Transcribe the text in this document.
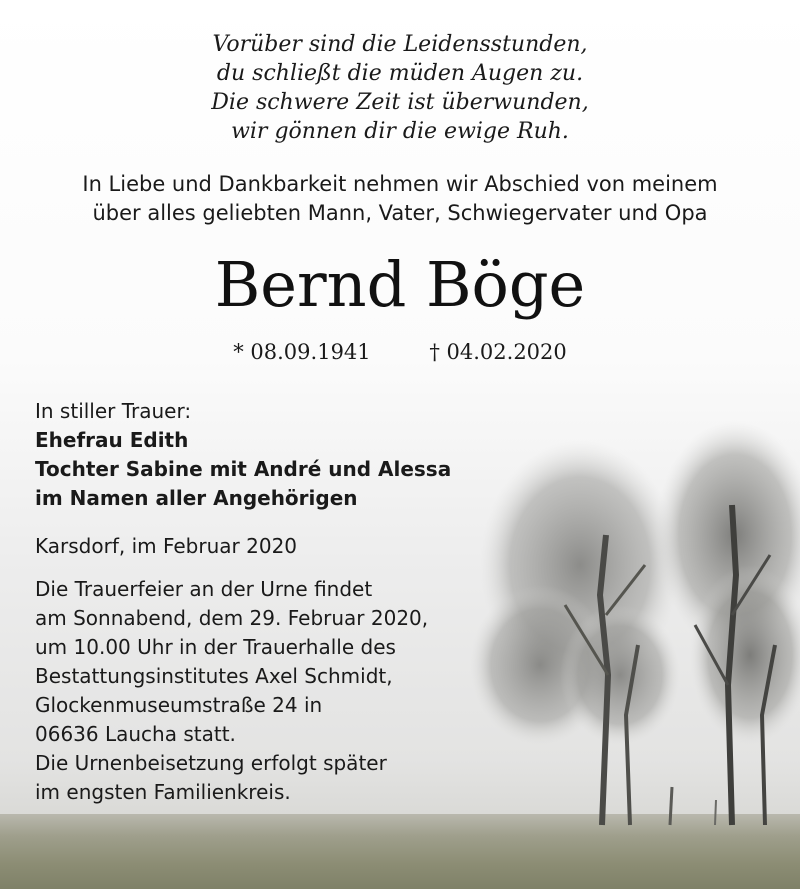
Vorüber sind die Leidensstunden,
du schließt die müden Augen zu.
Die schwere Zeit ist überwunden,
wir gönnen dir die ewige Ruh.
In Liebe und Dankbarkeit nehmen wir Abschied von meinem
über alles geliebten Mann, Vater, Schwiegervater und Opa
Bernd Böge
* 08.09.1941	† 04.02.2020
In stiller Trauer:
Ehefrau Edith
Tochter Sabine mit André und Alessa
im Namen aller Angehörigen
Karsdorf, im Februar 2020
Die Trauerfeier an der Urne findet
am Sonnabend, dem 29. Februar 2020,
um 10.00 Uhr in der Trauerhalle des
Bestattungsinstitutes Axel Schmidt,
Glockenmuseumstraße 24 in
06636 Laucha statt.
Die Urnenbeisetzung erfolgt später
im engsten Familienkreis.
